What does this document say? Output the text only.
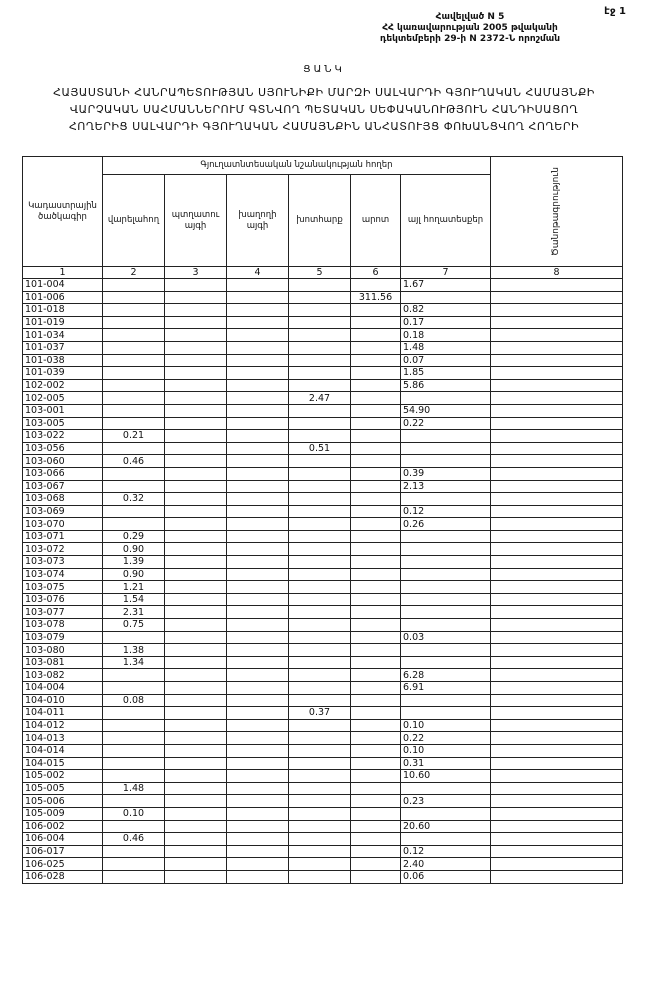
էջ 1
Հավելված N 5
ՀՀ կառավարության 2005 թվականի
դեկտեմբերի 29-ի N 2372-Ն որոշման
ՑԱՆԿ
ՀԱՅԱՍՏԱՆԻ ՀԱՆՐԱՊԵՏՈՒԹՅԱՆ ՍՅՈՒՆԻՔԻ ՄԱՐԶԻ ՍԱԼՎԱՐԴԻ ԳՅՈՒՂԱԿԱՆ ՀԱՄԱՅՆՔԻ
ՎԱՐՉԱԿԱՆ ՍԱՀՄԱՆՆԵՐՈՒՄ ԳՏՆՎՈՂ ՊԵՏԱԿԱՆ ՍԵՓԱԿԱՆՈՒԹՅՈՒՆ ՀԱՆԴԻՍԱՑՈՂ
ՀՈՂԵՐԻՑ ՍԱԼՎԱՐԴԻ ԳՅՈՒՂԱԿԱՆ ՀԱՄԱՅՆՔԻՆ ԱՆՀԱՏՈՒՅՑ ՓՈԽԱՆՑՎՈՂ ՀՈՂԵՐԻ
Կադաստրային ծածկագիր	Գյուղատնտեսական նշանակության հողեր						Ծանոթագրություն

	վարելահող	պտղատու այգի	խաղողի այգի	խոտհարք	արոտ	այլ հողատեսքեր	
1	2	3	4	5	6	7	8
101-004						1.67	
101-006					311.56		
101-018						0.82	
101-019						0.17	
101-034						0.18	
101-037						1.48	
101-038						0.07	
101-039						1.85	
102-002						5.86	
102-005				2.47			
103-001						54.90	
103-005						0.22	
103-022	0.21						
103-056				0.51			
103-060	0.46						
103-066						0.39	
103-067						2.13	
103-068	0.32						
103-069						0.12	
103-070						0.26	
103-071	0.29						
103-072	0.90						
103-073	1.39						
103-074	0.90						
103-075	1.21						
103-076	1.54						
103-077	2.31						
103-078	0.75						
103-079						0.03	
103-080	1.38						
103-081	1.34						
103-082						6.28	
104-004						6.91	
104-010	0.08						
104-011				0.37			
104-012						0.10	
104-013						0.22	
104-014						0.10	
104-015						0.31	
105-002						10.60	
105-005	1.48						
105-006						0.23	
105-009	0.10						
106-002						20.60	
106-004	0.46						
106-017						0.12	
106-025						2.40	
106-028						0.06	
